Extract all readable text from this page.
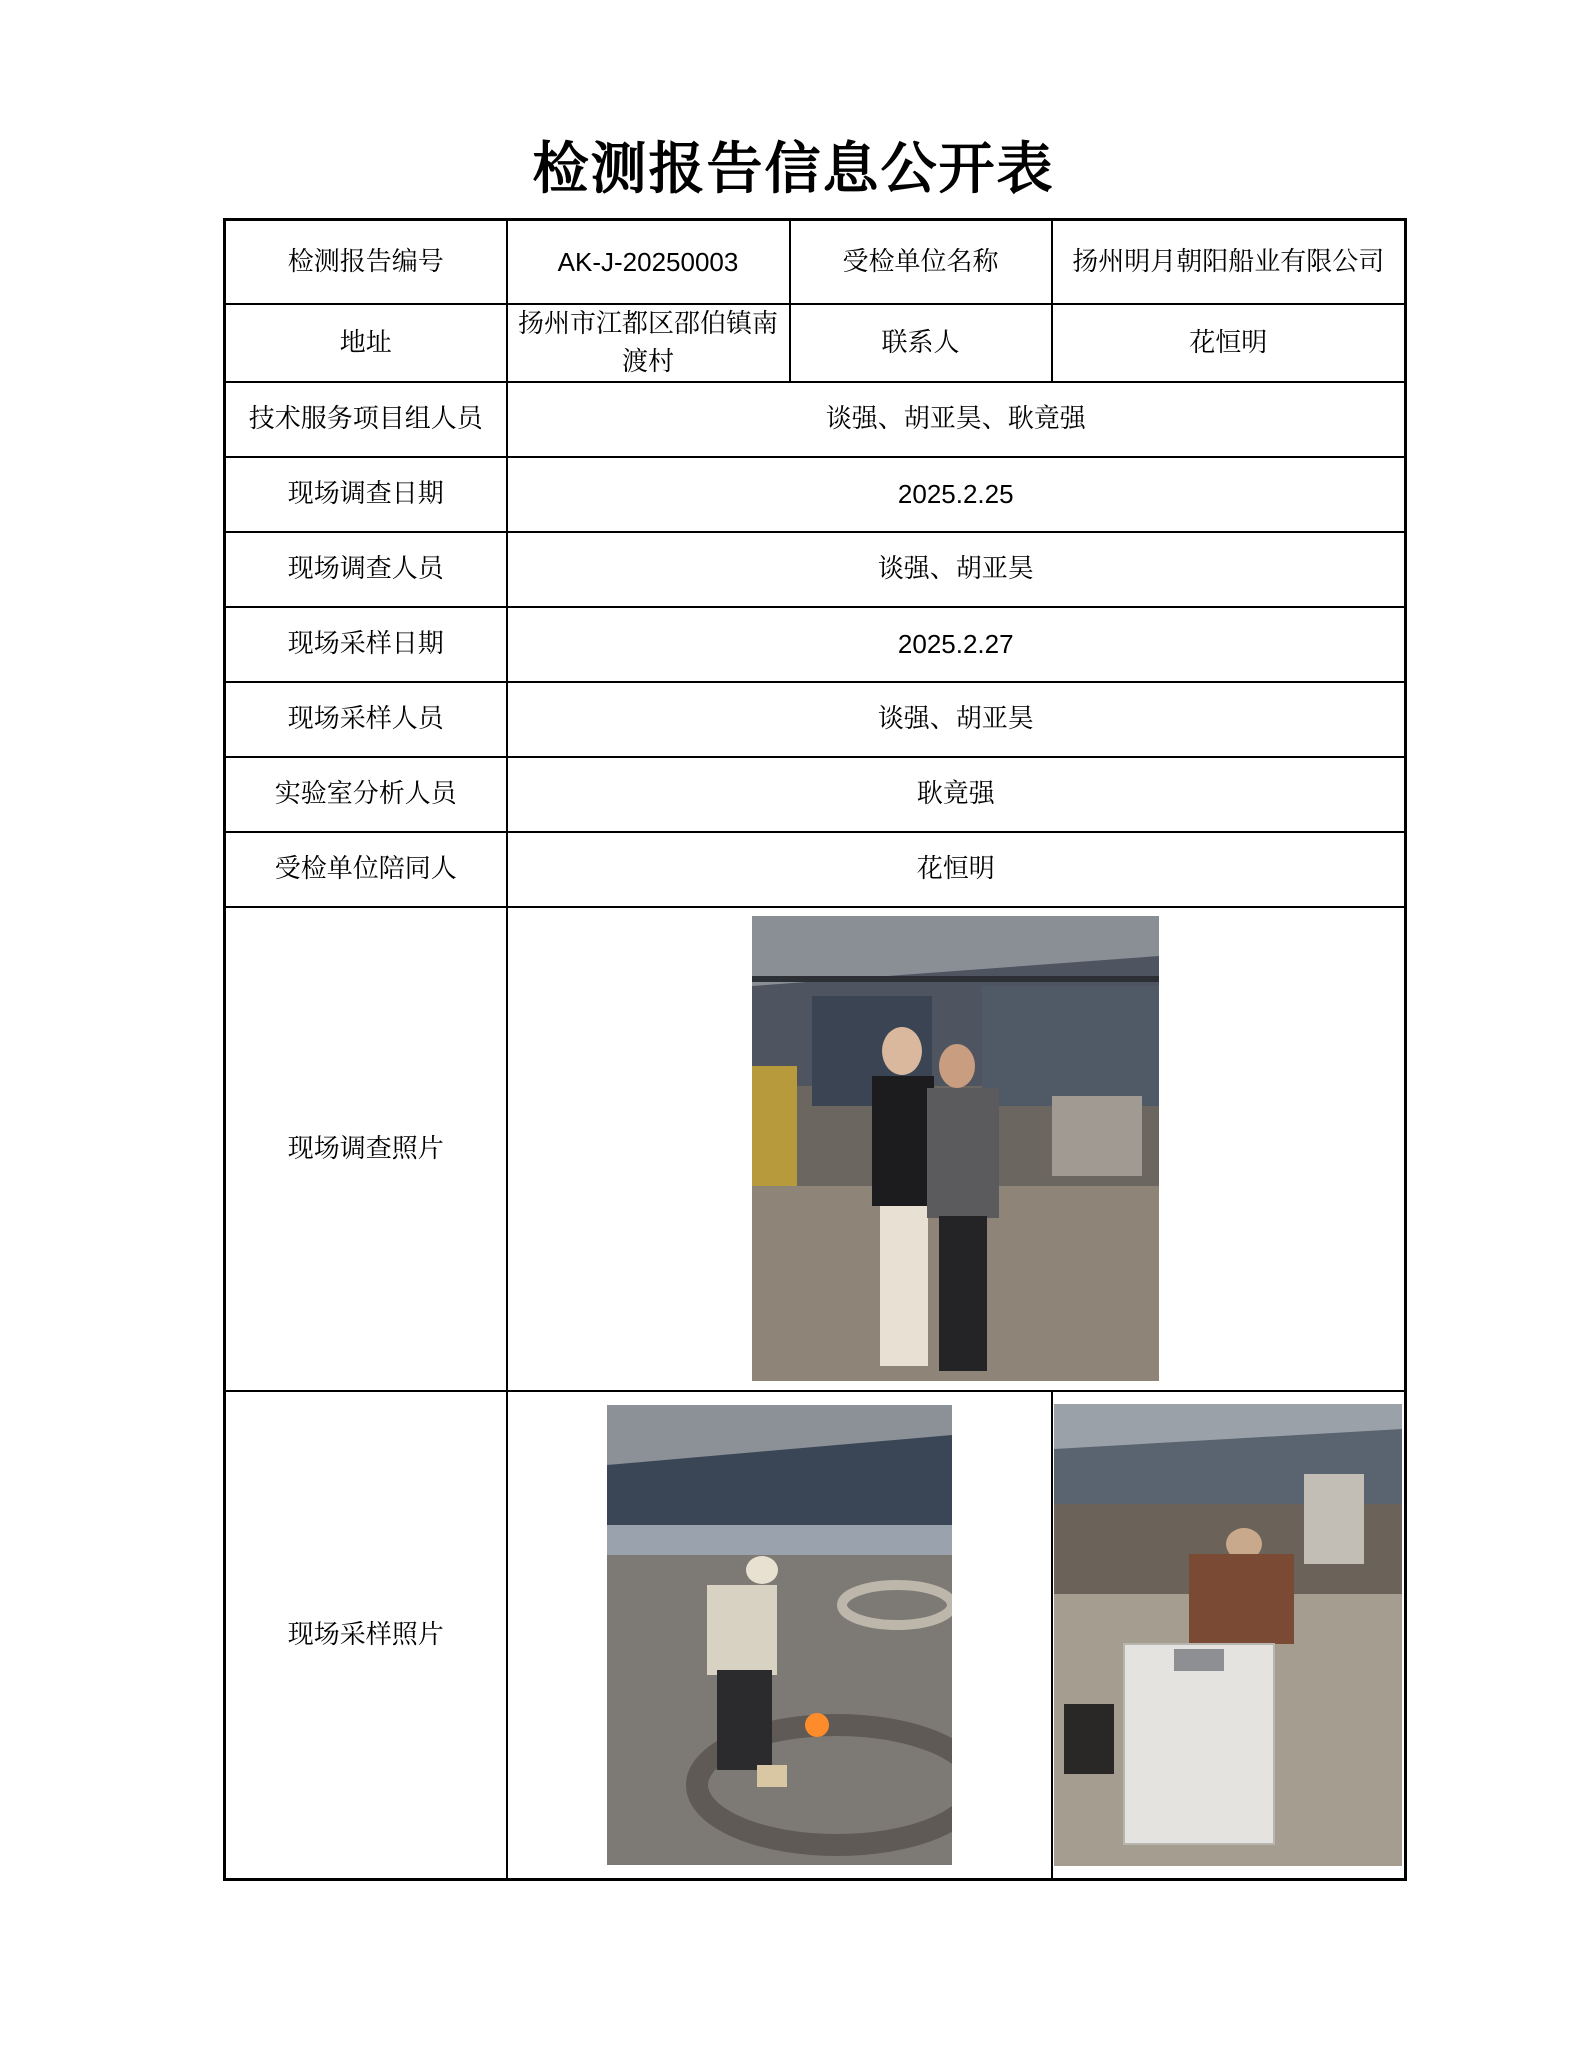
检测报告信息公开表
检测报告编号	AK-J-20250003	受检单位名称	扬州明月朝阳船业有限公司
地址	扬州市江都区邵伯镇南渡村	联系人	花恒明
技术服务项目组人员	谈强、胡亚昊、耿竟强		
现场调查日期	2025.2.25		
现场调查人员	谈强、胡亚昊		
现场采样日期	2025.2.27		
现场采样人员	谈强、胡亚昊		
实验室分析人员	耿竟强		
受检单位陪同人	花恒明		
现场调查照片	

现场采样照片	
